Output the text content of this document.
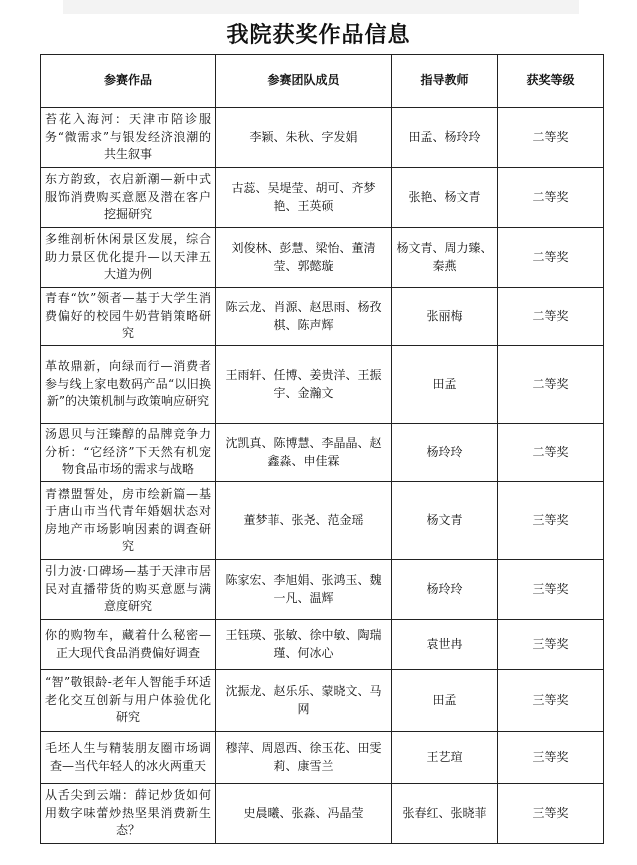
我院获奖作品信息
参赛作品	参赛团队成员	指导教师	获奖等级
苔花入海河：天津市陪诊服务“微需求”与银发经济浪潮的共生叙事	李颖、朱秋、字发娟	田孟、杨玲玲	二等奖
东方韵致，衣启新潮—新中式服饰消费购买意愿及潜在客户挖掘研究	古蕊、吴堤莹、胡可、齐梦艳、王英硕	张艳、杨文青	二等奖
多维剖析休闲景区发展，综合助力景区优化提升—以天津五大道为例	刘俊林、彭慧、梁怡、董清莹、郭懿璇	杨文青、周力臻、秦燕	二等奖
青春“饮”领者—基于大学生消费偏好的校园牛奶营销策略研究	陈云龙、肖源、赵思雨、杨孜棋、陈声辉	张丽梅	二等奖
革故鼎新，向绿而行—消费者参与线上家电数码产品“以旧换新”的决策机制与政策响应研究	王雨轩、任博、姜贵洋、王振宇、金瀚文	田孟	二等奖
汤恩贝与汪臻醇的品牌竞争力分析：“它经济”下天然有机宠物食品市场的需求与战略	沈凯真、陈博慧、李晶晶、赵鑫淼、申佳霖	杨玲玲	二等奖
青襟盟誓处，房市绘新篇—基于唐山市当代青年婚姻状态对房地产市场影响因素的调查研究	董梦菲、张尧、范金瑶	杨文青	三等奖
引力波·口碑场—基于天津市居民对直播带货的购买意愿与满意度研究	陈家宏、李旭娟、张鸿玉、魏一凡、温辉	杨玲玲	三等奖
你的购物车，藏着什么秘密—正大现代食品消费偏好调查	王钰瑛、张敏、徐中敏、陶瑞瑾、何冰心	袁世冉	三等奖
“智”敬银龄-老年人智能手环适老化交互创新与用户体验优化研究	沈振龙、赵乐乐、蒙晓文、马网	田孟	三等奖
毛坯人生与精装朋友圈市场调查—当代年轻人的冰火两重天	穆萍、周恩西、徐玉花、田雯莉、康雪兰	王艺瑄	三等奖
从舌尖到云端：薛记炒货如何用数字味蕾炒热坚果消费新生态？	史晨曦、张淼、冯晶莹	张春红、张晓菲	三等奖
